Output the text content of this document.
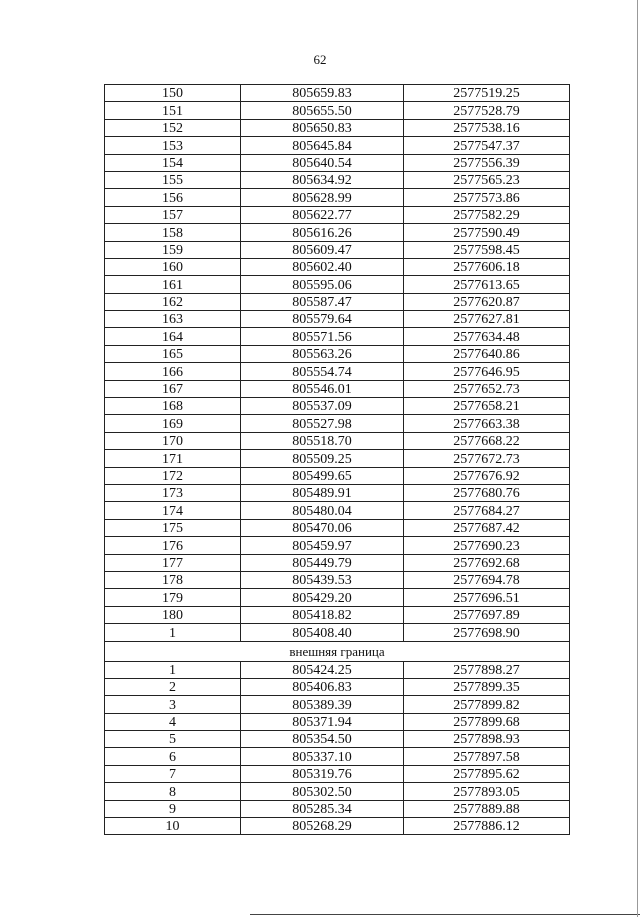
62
150	805659.83	2577519.25
151	805655.50	2577528.79
152	805650.83	2577538.16
153	805645.84	2577547.37
154	805640.54	2577556.39
155	805634.92	2577565.23
156	805628.99	2577573.86
157	805622.77	2577582.29
158	805616.26	2577590.49
159	805609.47	2577598.45
160	805602.40	2577606.18
161	805595.06	2577613.65
162	805587.47	2577620.87
163	805579.64	2577627.81
164	805571.56	2577634.48
165	805563.26	2577640.86
166	805554.74	2577646.95
167	805546.01	2577652.73
168	805537.09	2577658.21
169	805527.98	2577663.38
170	805518.70	2577668.22
171	805509.25	2577672.73
172	805499.65	2577676.92
173	805489.91	2577680.76
174	805480.04	2577684.27
175	805470.06	2577687.42
176	805459.97	2577690.23
177	805449.79	2577692.68
178	805439.53	2577694.78
179	805429.20	2577696.51
180	805418.82	2577697.89
1	805408.40	2577698.90
внешняя граница		
1	805424.25	2577898.27
2	805406.83	2577899.35
3	805389.39	2577899.82
4	805371.94	2577899.68
5	805354.50	2577898.93
6	805337.10	2577897.58
7	805319.76	2577895.62
8	805302.50	2577893.05
9	805285.34	2577889.88
10	805268.29	2577886.12
